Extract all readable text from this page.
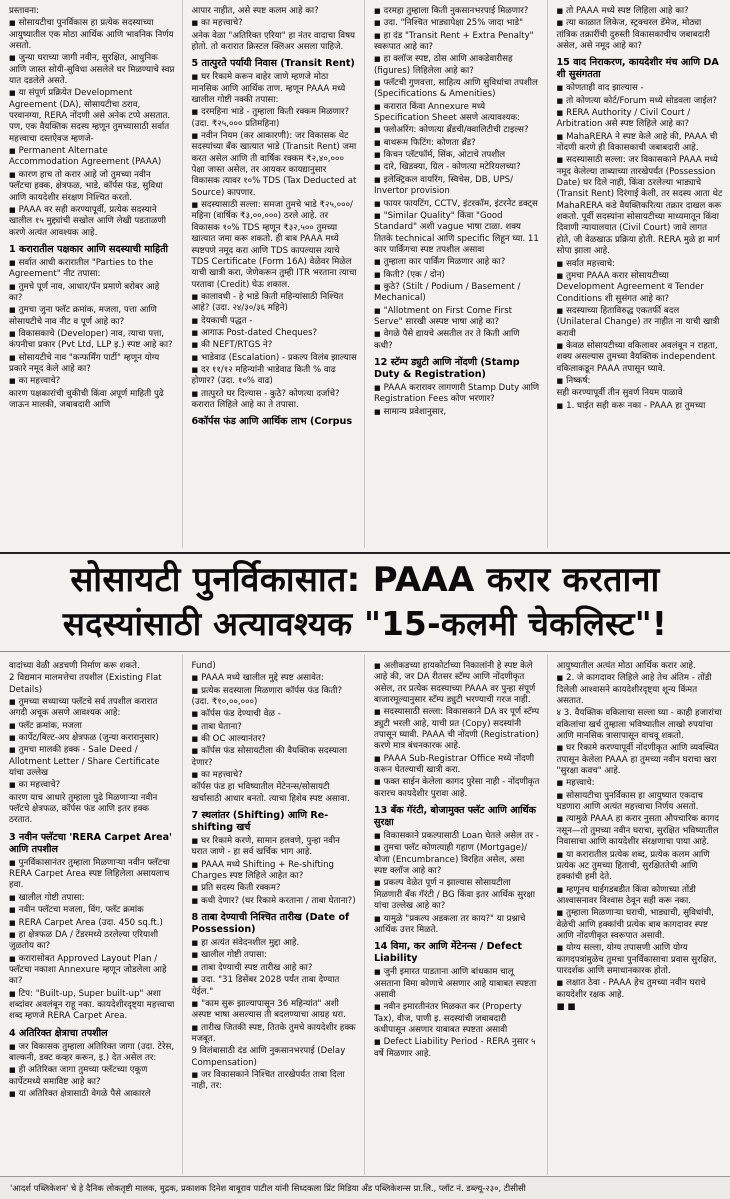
प्रस्तावना:

■ सोसायटीचा पुनर्विकास हा प्रत्येक सदस्याच्या आयुष्यातील एक मोठा आर्थिक आणि भावनिक निर्णय असतो.

■ जुन्या घराच्या जागी नवीन, सुरक्षित, आधुनिक आणि जास्त सोयी-सुविधा असलेले घर मिळण्याचे स्वप्न यात दडलेले असते.

■ या संपूर्ण प्रक्रियेत Development Agreement (DA), सोसायटीचा ठराव, परवानग्या, RERA नोंदणी असे अनेक टप्पे असतात. पण, एक वैयक्तिक सदस्य म्हणून तुमच्यासाठी सर्वात महत्त्वाचा दस्तऐवज म्हणजे-

■ Permanent Alternate Accommodation Agreement (PAAA)

■ कारण हाच तो करार आहे जो तुमच्या नवीन फ्लॅटचा हक्क, क्षेत्रफळ, भाडे, कॉर्पस फंड, सुविधा आणि कायदेशीर संरक्षण निश्चित करतो.

■ PAAA वर सही करण्यापूर्वी, प्रत्येक सदस्याने खालील १५ मुद्द्यांची सखोल आणि लेखी पडताळणी करणे अत्यंत आवश्यक आहे.

1 करारातील पक्षकार आणि सदस्याची माहिती

■ सर्वात आधी करारातील "Parties to the Agreement" नीट तपासा:

■ तुमचे पूर्ण नाव, आधार/पॅन प्रमाणे बरोबर आहे का?

■ तुमचा जुना फ्लॅट क्रमांक, मजला, पत्ता आणि सोसायटीचे नाव नीट व पूर्ण आहे का?

■ विकासकाचे (Developer) नाव, त्याचा पत्ता, कंपनीचा प्रकार (Pvt Ltd, LLP इ.) स्पष्ट आहे का?

■ सोसायटीचे नाव "कन्फर्मिंग पार्टी" म्हणून योग्य प्रकारे नमूद केले आहे का?

■ का महत्त्वाचे?

कारण पक्षकारांची चुकीची किंवा अपूर्ण माहिती पुढे जाऊन मालकी, जबाबदारी आणि

आपार नाहीत, असे स्पष्ट कलम आहे का?

■ का महत्त्वाचे?

अनेक वेळा "अतिरिक्त एरिया" हा नंतर वादाचा विषय होतो. तो करारात क्रिस्टल क्लिअर असला पाहिजे.

5 तात्पुरते पर्यायी निवास (Transit Rent)

■ घर रिकामे करून बाहेर जाणे म्हणजे मोठा मानसिक आणि आर्थिक ताण. म्हणून PAAA मध्ये खालील गोष्टी नक्की तपासा:

■ दरमहिना भाडे - तुम्हाला किती रक्कम मिळणार? (उदा. ₹२५,००० प्रतिमहिना)

■ नवीन नियम (कर आकारणी): जर विकासक थेट सदस्यांच्या बँक खात्यात भाडे (Transit Rent) जमा करत असेल आणि ती वार्षिक रक्कम ₹२,४०,००० पेक्षा जास्त असेल, तर आयकर कायद्यानुसार विकासक त्यावर १०% TDS (Tax Deducted at Source) कापणार.

■ सदस्यासाठी सल्ला: समजा तुमचे भाडे ₹२५,०००/महिना (वार्षिक ₹३,००,०००) ठरले आहे. तर विकासक १०% TDS म्हणून ₹३२,५०० तुमच्या खात्यात जमा करू शकतो. ही बाब PAAA मध्ये स्पष्टपणे नमूद करा आणि TDS कापल्यास त्याचे TDS Certificate (Form 16A) वेळेवर मिळेल याची खात्री करा, जेणेकरून तुम्ही ITR भरताना त्याचा परतावा (Credit) घेऊ शकाल.

■ कालावधी - हे भाडे किती महिन्यांसाठी निश्चित आहे? (उदा. २४/३०/३६ महिने)

■ देयकाची पद्धत -

■ आगाऊ Post-dated Cheques?

■ की NEFT/RTGS ने?

■ भाडेवाढ (Escalation) - प्रकल्प विलंब झाल्यास

■ दर ११/१२ महिन्यांनी भाडेवाढ किती % वाढ होणार? (उदा. १०% वाढ)

■ तात्पुरते घर दिल्यास - कुठे? कोणत्या दर्जाचे? करारात लिहिले आहे का ते तपासा.

6कॉर्पस फंड आणि आर्थिक लाभ (Corpus

■ दरमहा तुम्हाला किती नुकसानभरपाई मिळणार?

■ उदा. "निश्चित भाड्यापेक्षा 25% जादा भाडे"

■ हा दंड "Transit Rent + Extra Penalty" स्वरूपात आहे का?

■ हा क्लॉज स्पष्ट, ठोस आणि आकडेवारीसह (figures) लिहिलेला आहे का?

■ फ्लॅटची गुणवत्ता, साहित्य आणि सुविधांचा तपशील (Specifications & Amenities)

■ करारात किंवा Annexure मध्ये Specification Sheet असणे अत्यावश्यक:

■ फ्लोअरिंग: कोणत्या ब्रँडची/क्वालिटीची टाइल्स?

■ बाथरूम फिटिंग: कोणता ब्रँड?

■ किचन प्लॅटफॉर्म, सिंक, ओटाचे तपशील

■ दारे, खिडक्या, ग्रिल - कोणत्या मटेरियलच्या?

■ इलेक्ट्रिकल वायरिंग, स्विचेस, DB, UPS/ Invertor provision

■ फायर फायटिंग, CCTV, इंटरकॉम, इंटरनेट डक्ट्स

■ "Similar Quality" किंवा "Good Standard" अशी vague भाषा टाळा. शक्य तितके technical आणि specific लिहून घ्या. 11 कार पार्किंगचा स्पष्ट तपशील असावा

■ तुम्हाला कार पार्किंग मिळणार आहे का?

■ किती? (एक / दोन)

■ कुठे? (Stilt / Podium / Basement / Mechanical)

■ "Allotment on First Come First Serve" सारखी अस्पष्ट भाषा आहे का?

■ वेगळे पैसे द्यायचे असतील तर ते किती आणि कधी?

12 स्टॅम्प ड्युटी आणि नोंदणी (Stamp Duty & Registration)

■ PAAA करारावर लागणारी Stamp Duty आणि Registration Fees कोण भरणार?

■ सामान्य प्रवेशानुसार,

■ तो PAAA मध्ये स्पष्ट लिहिला आहे का?

■ त्या काळात लिकेज, स्ट्रक्चरल डॅमेज, मोठ्या तांत्रिक तक्रारींची दुरुस्ती विकासकाचीच जबाबदारी असेल, असे नमूद आहे का?

15 वाद निराकरण, कायदेशीर मंच आणि DA शी सुसंगतता

■ कोणताही वाद झाल्यास -

■ तो कोणत्या कोर्ट/Forum मध्ये सोडवला जाईल?

■ RERA Authority / Civil Court / Arbitration असे स्पष्ट लिहिले आहे का?

■ MahaRERA ने स्पष्ट केले आहे की, PAAA ची नोंदणी करणे ही विकासकाची जबाबदारी आहे.

■ सदस्यासाठी सल्ला: जर विकासकाने PAAA मध्ये नमूद केलेल्या ताब्याच्या तारखेपर्यंत (Possession Date) घर दिले नाही, किंवा ठरलेल्या भाड्याचे (Transit Rent) दिरंगाई केली, तर सदस्य आता थेट MahaRERA कडे वैयक्तिकरित्या तक्रार दाखल करू शकतो. पूर्वी सदस्यांना सोसायटीच्या माध्यमातून किंवा दिवाणी न्यायालयात (Civil Court) जावे लागत होते, जी वेळखाऊ प्रक्रिया होती. RERA मुळे हा मार्ग सोपा झाला आहे.

■ सर्वात महत्त्वाचे:

■ तुमचा PAAA करार सोसायटीच्या Development Agreement व Tender Conditions शी सुसंगत आहे का?

■ सदस्याच्या हिताविरुद्ध एकतर्फी बदल (Unilateral Change) तर नाहीत ना याची खात्री करावी

■ केवळ सोसायटीच्या वकिलावर अवलंबून न राहता, शक्य असल्यास तुमच्या वैयक्तिक independent वकिलाकडून PAAA तपासून घ्यावे.

■ निष्कर्ष:

सही करण्यापूर्वी तीन सुवर्ण नियम पाळावे

■ 1. घाईत सही करू नका - PAAA हा तुमच्या

सोसायटी पुनर्विकासात: PAAA करार करताना
सदस्यांसाठी अत्यावश्यक "15-कलमी चेकलिस्ट"!

वादांच्या वेळी अडचणी निर्माण करू शकते.

2 विद्यमान मालमत्तेचा तपशील (Existing Flat Details)

■ तुमच्या सध्याच्या फ्लॅटचे सर्व तपशील करारात अगदी अचूक असणे आवश्यक आहे:

■ फ्लॅट क्रमांक, मजला

■ कार्पेट/बिल्ट-अप क्षेत्रफळ (जुन्या करारानुसार)

■ तुमचा मालकी हक्क - Sale Deed / Allotment Letter / Share Certificate यांचा उल्लेख

■ का महत्त्वाचे?

कारण याच आधारे तुम्हाला पुढे मिळणाऱ्या नवीन फ्लॅटचे क्षेत्रफळ, कॉर्पस फंड आणि इतर हक्क ठरतात.

3 नवीन फ्लॅटचा 'RERA Carpet Area' आणि तपशील

■ पुनर्विकासानंतर तुम्हाला मिळणाऱ्या नवीन फ्लॅटचा RERA Carpet Area स्पष्ट लिहिलेला असायलाच हवा.

■ खालील गोष्टी तपासा:

■ नवीन फ्लॅटचा मजला, विंग, फ्लॅट क्रमांक

■ RERA Carpet Area (उदा. 450 sq.ft.)

■ हा क्षेत्रफळ DA / टेंडरमध्ये ठरलेल्या एरियाशी जुळतोय का?

■ करारासोबत Approved Layout Plan / फ्लॅटचा नकाशा Annexure म्हणून जोडलेला आहे का?

■ टिप: "Built-up, Super built-up" अशा शब्दांवर अवलंबून राहू नका. कायदेशीरदृष्ट्या महत्त्वाचा शब्द म्हणजे RERA Carpet Area.

4 अतिरिक्त क्षेत्राचा तपशील

■ जर विकासक तुम्हाला अतिरिक्त जागा (उदा. टेरेस, बाल्कनी, डक्ट कव्हर करून, इ.) देत असेल तर:

■ ही अतिरिक्त जागा तुमच्या फ्लॅटच्या एकूण कार्पेटमध्ये समाविष्ट आहे का?

■ या अतिरिक्त क्षेत्रासाठी वेगळे पैसे आकारले

Fund)

■ PAAA मध्ये खालील मुद्दे स्पष्ट असावेत:

■ प्रत्येक सदस्याला मिळणारा कॉर्पस फंड किती? (उदा. ₹१०,००,०००)

■ कॉर्पस फंड देण्याची वेळ -

■ ताबा घेताना?

■ की OC आल्यानंतर?

■ कॉर्पस फंड सोसायटीला की वैयक्तिक सदस्याला देणार?

■ का महत्त्वाचे?

कॉर्पस फंड हा भविष्यातील मेंटेनन्स/सोसायटी खर्चासाठी आधार बनतो. त्याचा हिशेब स्पष्ट असावा.

7 स्थलांतर (Shifting) आणि Re-shifting खर्च

■ घर रिकामे करणे, सामान हलवणे, पुन्हा नवीन घरात जाणे - हा सर्व खर्चिक भाग आहे.

■ PAAA मध्ये Shifting + Re-shifting Charges स्पष्ट लिहिले आहेत का?

■ प्रति सदस्य किती रक्कम?

■ कधी देणार? (घर रिकामे करताना / ताबा घेताना?)

8 ताबा देण्याची निश्चित तारीख (Date of Possession)

■ हा अत्यंत संवेदनशील मुद्दा आहे.

■ खालील गोष्टी तपासा:

■ ताबा देण्याची स्पष्ट तारीख आहे का?

■ उदा. "31 डिसेंबर 2028 पर्यंत ताबा देण्यात येईल."

■ "काम सुरू झाल्यापासून 36 महिन्यांत" अशी अस्पष्ट भाषा असल्यास ती बदलण्याचा आग्रह धरा.

■ तारीख जितकी स्पष्ट, तितके तुमचे कायदेशीर हक्क मजबूत.

9 विलंबासाठी दंड आणि नुकसानभरपाई (Delay Compensation)

■ जर विकासकाने निश्चित तारखेपर्यंत ताबा दिला नाही, तर:

■ अलीकडच्या हायकोर्टाच्या निकालांनी हे स्पष्ट केले आहे की, जर DA रीतसर स्टॅम्प आणि नोंदणीकृत असेल, तर प्रत्येक सदस्याच्या PAAA वर पुन्हा संपूर्ण बाजारमूल्यानुसार स्टॅम्प ड्युटी भरण्याची गरज नाही.

■ सदस्यासाठी सल्ला: विकासकाने DA वर पूर्ण स्टॅम्प ड्युटी भरली आहे, याची प्रत (Copy) सदस्यांनी तपासून घ्यावी. PAAA ची नोंदणी (Registration) करणे मात्र बंधनकारक आहे.

■ PAAA Sub-Registrar Office मध्ये नोंदणी करून घेतल्याची खात्री करा.

■ फक्त साईन केलेला कागद पुरेसा नाही - नोंदणीकृत करारच कायदेशीर पुरावा आहे.

13 बँक गॅरंटी, बोजामुक्त फ्लॅट आणि आर्थिक सुरक्षा

■ विकासकाने प्रकल्पासाठी Loan घेतले असेल तर -

■ तुमचा फ्लॅट कोणत्याही गहाण (Mortgage)/बोजा (Encumbrance) विरहित असेल, असा स्पष्ट क्लॉज आहे का?

■ प्रकल्प वेळेत पूर्ण न झाल्यास सोसायटीला मिळणारी बँक गॅरंटी / BG किंवा इतर आर्थिक सुरक्षा यांचा उल्लेख आहे का?

■ यामुळे "प्रकल्प अडकला तर काय?" या प्रश्नाचे आर्थिक उत्तर मिळते.

14 विमा, कर आणि मेंटेनन्स / Defect Liability

■ जुनी इमारत पाडताना आणि बांधकाम चालू असताना विमा कोणाचे असणार आहे याबाबत स्पष्टता असावी

■ नवीन इमारतीनंतर मिळकत कर (Property Tax), वीज, पाणी इ. सदस्यांची जबाबदारी कधीपासून असणार याबाबत स्पष्टता असावी

■ Defect Liability Period - RERA नुसार ५ वर्षे मिळणार आहे.

आयुष्यातील अत्यंत मोठा आर्थिक करार आहे.

■ 2. जे कागदावर लिहिले आहे तेच अंतिम - तोंडी दिलेली आश्वासने कायदेशीरदृष्ट्या शून्य किंमत असतात.

४ 3. वैयक्तिक वकिलाचा सल्ला घ्या - काही हजारांचा वकिलांचा खर्च तुम्हाला भविष्यातील लाखो रुपयांचा आणि मानसिक त्रासापासून वाचवू शकतो.

■ घर रिकामे करण्यापूर्वी नोंदणीकृत आणि व्यवस्थित तपासून केलेला PAAA हा तुमच्या नवीन घराचा खरा "सुरक्षा कवच" आहे.

■ महत्त्वाचे:

■ सोसायटीचा पुनर्विकास हा आयुष्यात एकदाच घडणारा आणि अत्यंत महत्त्वाचा निर्णय असतो.

■ त्यामुळे PAAA हा करार नुसता औपचारिक कागद नसून—तो तुमच्या नवीन घराचा, सुरक्षित भविष्यातील निवासाचा आणि कायदेशीर संरक्षणाचा पाया आहे.

■ या करारातील प्रत्येक शब्द, प्रत्येक कलम आणि प्रत्येक अट तुमच्या हिताची, सुरक्षिततेची आणि हक्कांची हमी देते.

■ म्हणूनच घाईगडबडीत किंवा कोणाच्या तोंडी आश्वासनावर विश्वास ठेवून सही करू नका.

■ तुम्हाला मिळणाऱ्या घराची, भाड्याची, सुविधांची, वेळेची आणि हक्कांची प्रत्येक बाब कागदावर स्पष्ट आणि नोंदणीकृत स्वरूपात असावी.

■ योग्य सल्ला, योग्य तपासणी आणि योग्य कागदपत्रांमुळेच तुमचा पुनर्विकासाचा प्रवास सुरक्षित, पारदर्शक आणि समाधानकारक होतो.

■ लक्षात ठेवा - PAAA हेच तुमच्या नवीन घराचे कायदेशीर रक्षक आहे.

■ ■

'आदर्श पब्लिकेशन' चे हे दैनिक लोकतृष्टी मालक, मुद्रक, प्रकाशक दिनेश बाबूराव पाटील यांनी सिध्दकला प्रिंट मिडिया अँड पब्लिकेशन्स प्रा.लि., प्लॉट नं. डब्ल्यू-२३०, टीसीसी
